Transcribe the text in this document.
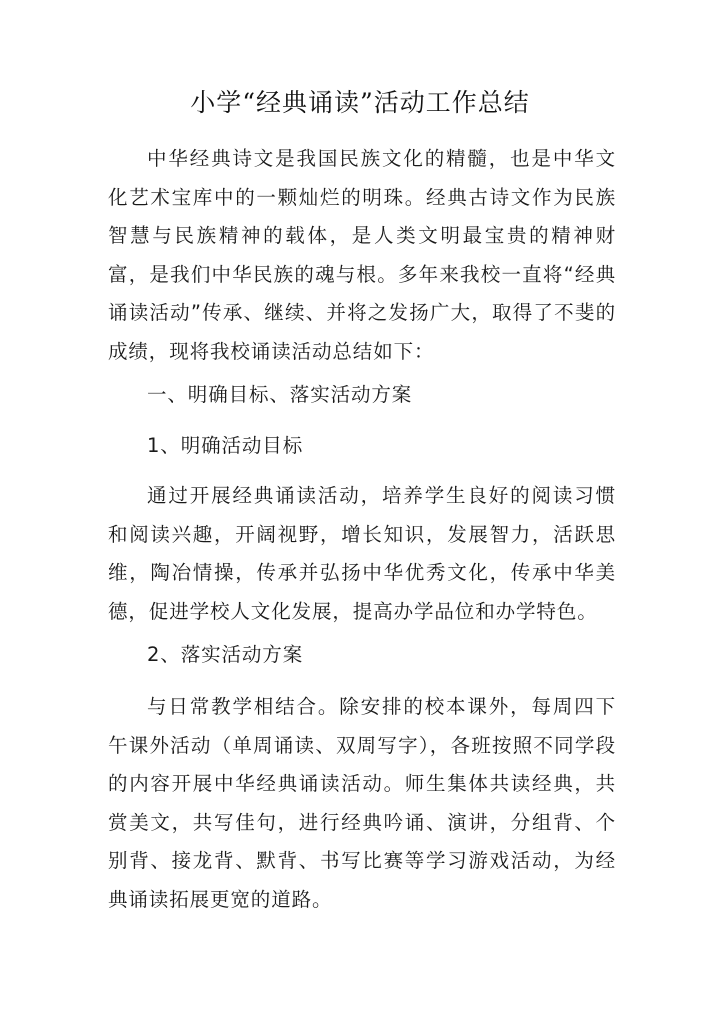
小学“经典诵读”活动工作总结

中华经典诗文是我国民族文化的精髓，也是中华文化艺术宝库中的一颗灿烂的明珠。经典古诗文作为民族智慧与民族精神的载体，是人类文明最宝贵的精神财富，是我们中华民族的魂与根。多年来我校一直将“经典诵读活动”传承、继续、并将之发扬广大，取得了不斐的成绩，现将我校诵读活动总结如下：

一、明确目标、落实活动方案

1、明确活动目标

通过开展经典诵读活动，培养学生良好的阅读习惯和阅读兴趣，开阔视野，增长知识，发展智力，活跃思维，陶冶情操，传承并弘扬中华优秀文化，传承中华美德，促进学校人文化发展，提高办学品位和办学特色。

2、落实活动方案

与日常教学相结合。除安排的校本课外，每周四下午课外活动（单周诵读、双周写字），各班按照不同学段的内容开展中华经典诵读活动。师生集体共读经典，共赏美文，共写佳句，进行经典吟诵、演讲，分组背、个别背、接龙背、默背、书写比赛等学习游戏活动，为经典诵读拓展更宽的道路。
